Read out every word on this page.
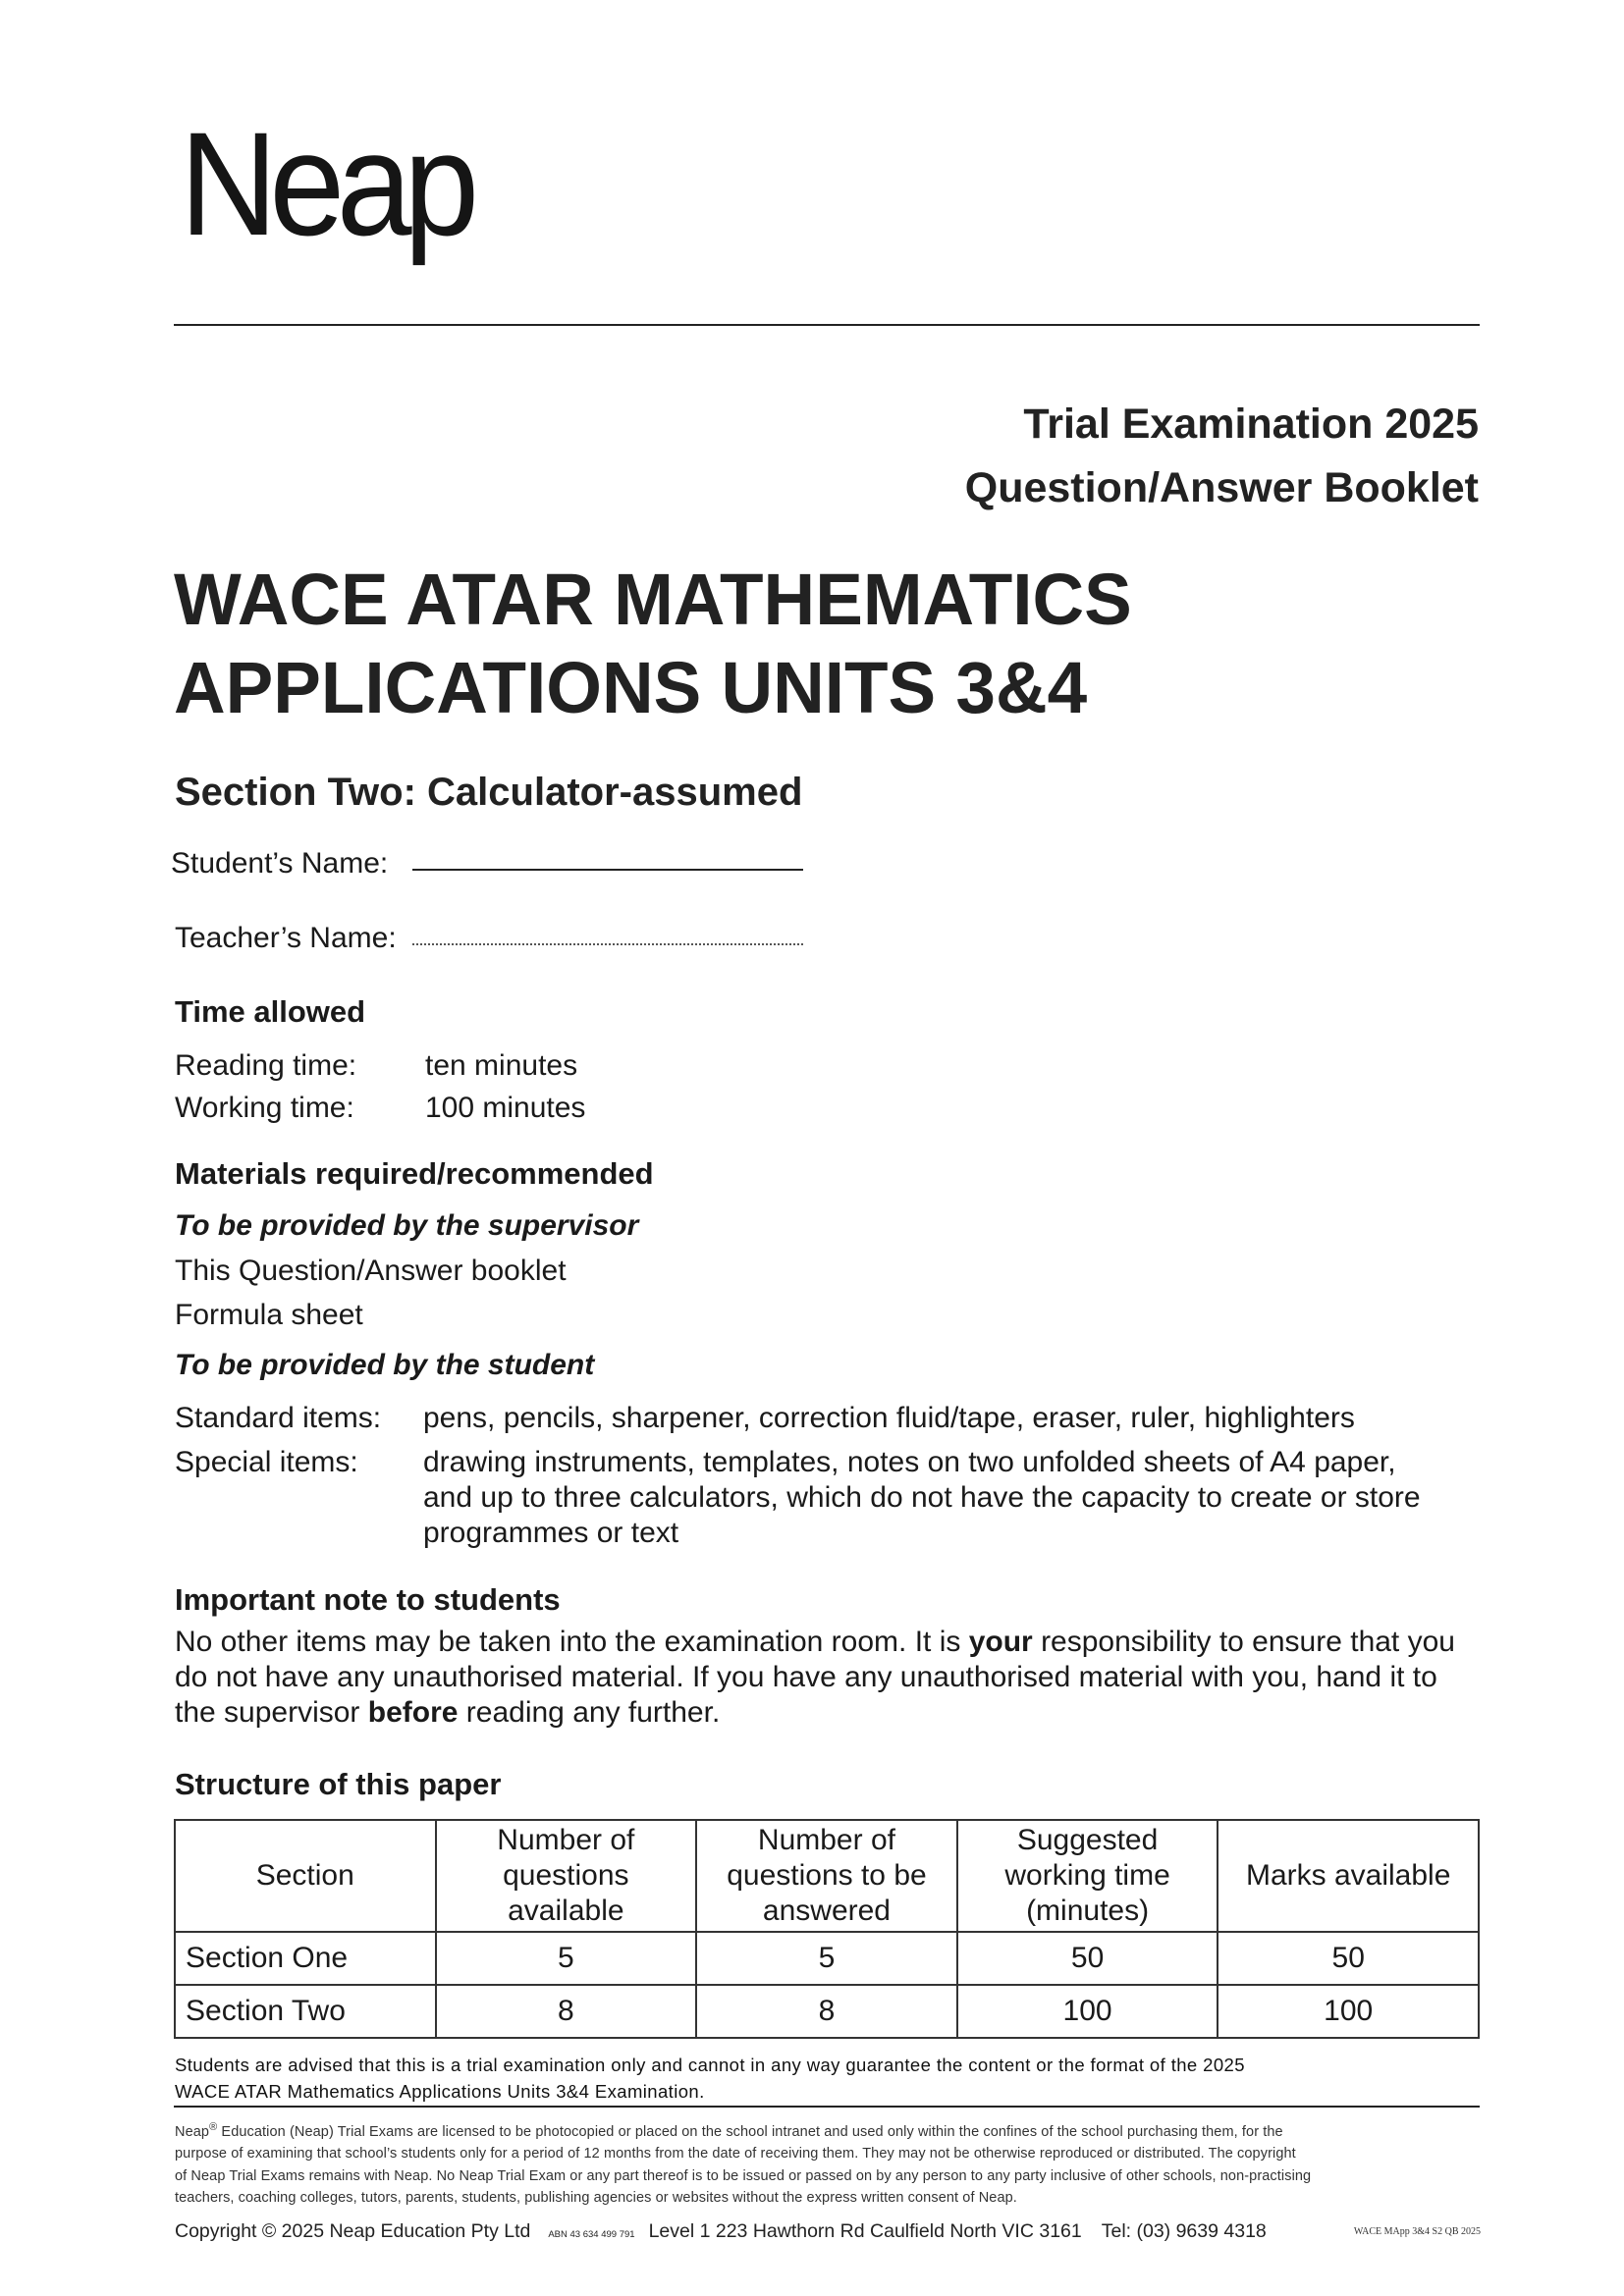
Neap
Trial Examination 2025
Question/Answer Booklet
WACE ATAR MATHEMATICS
APPLICATIONS UNITS 3&4
Section Two: Calculator-assumed
Student’s Name:
Teacher’s Name:
Time allowed
Reading time: ten minutes
Working time: 100 minutes
Materials required/recommended
To be provided by the supervisor
This Question/Answer booklet
Formula sheet
To be provided by the student
Standard items: pens, pencils, sharpener, correction fluid/tape, eraser, ruler, highlighters
Special items: drawing instruments, templates, notes on two unfolded sheets of A4 paper,
and up to three calculators, which do not have the capacity to create or store
programmes or text
Important note to students
No other items may be taken into the examination room. It is your responsibility to ensure that you do not have any unauthorised material. If you have any unauthorised material with you, hand it to the supervisor before reading any further.
Structure of this paper
Section	Number of
questions
available	Number of
questions to be
answered	Suggested
working time
(minutes)	Marks available
Section One	5	5	50	50
Section Two	8	8	100	100
Students are advised that this is a trial examination only and cannot in any way guarantee the content or the format of the 2025
WACE ATAR Mathematics Applications Units 3&4 Examination.
Neap® Education (Neap) Trial Exams are licensed to be photocopied or placed on the school intranet and used only within the confines of the school purchasing them, for the
purpose of examining that school’s students only for a period of 12 months from the date of receiving them. They may not be otherwise reproduced or distributed. The copyright
of Neap Trial Exams remains with Neap. No Neap Trial Exam or any part thereof is to be issued or passed on by any person to any party inclusive of other schools, non-practising
teachers, coaching colleges, tutors, parents, students, publishing agencies or websites without the express written consent of Neap.
Copyright © 2025 Neap Education Pty Ltd ABN 43 634 499 791 Level 1 223 Hawthorn Rd Caulfield North VIC 3161 Tel: (03) 9639 4318	WACE MApp 3&4 S2 QB 2025
